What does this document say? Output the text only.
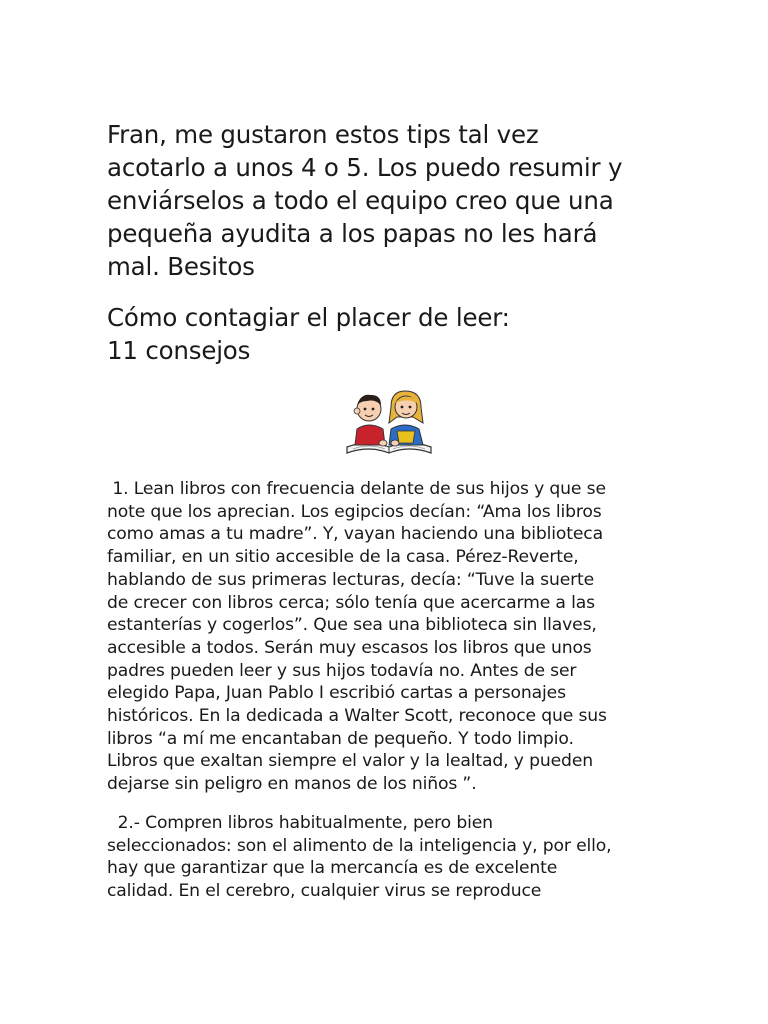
Fran, me gustaron estos tips tal vez
acotarlo a unos 4 o 5. Los puedo resumir y
enviárselos a todo el equipo creo que una
pequeña ayudita a los papas no les hará
mal. Besitos

Cómo contagiar el placer de leer:
11 consejos

1. Lean libros con frecuencia delante de sus hijos y que se
note que los aprecian. Los egipcios decían: “Ama los libros
como amas a tu madre”. Y, vayan haciendo una biblioteca
familiar, en un sitio accesible de la casa. Pérez-Reverte,
hablando de sus primeras lecturas, decía: “Tuve la suerte
de crecer con libros cerca; sólo tenía que acercarme a las
estanterías y cogerlos”. Que sea una biblioteca sin llaves,
accesible a todos. Serán muy escasos los libros que unos
padres pueden leer y sus hijos todavía no. Antes de ser
elegido Papa, Juan Pablo I escribió cartas a personajes
históricos. En la dedicada a Walter Scott, reconoce que sus
libros “a mí me encantaban de pequeño. Y todo limpio.
Libros que exaltan siempre el valor y la lealtad, y pueden
dejarse sin peligro en manos de los niños ”.

2.- Compren libros habitualmente, pero bien
seleccionados: son el alimento de la inteligencia y, por ello,
hay que garantizar que la mercancía es de excelente
calidad. En el cerebro, cualquier virus se reproduce
